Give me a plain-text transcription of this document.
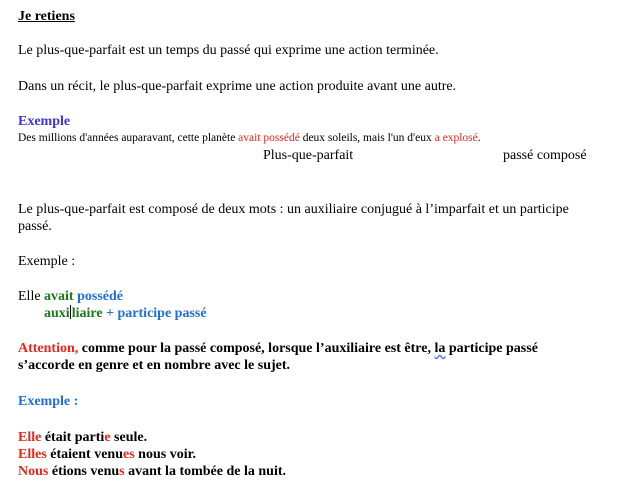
Je retiens
Le plus-que-parfait est un temps du passé qui exprime une action terminée.
Dans un récit, le plus-que-parfait exprime une action produite avant une autre.
Exemple
Des millions d'années auparavant, cette planète avait possédé deux soleils, mais l'un d'eux a explosé.
Plus-que-parfait	passé composé
Le plus-que-parfait est composé de deux mots : un auxiliaire conjugué à l’imparfait et un participe
passé.
Exemple :
Elle avait possédé
auxi liaire + participe passé
Attention, comme pour la passé composé, lorsque l’auxiliaire est être, la participe passé
s’accorde en genre et en nombre avec le sujet.
Exemple :
Elle était partie seule.
Elles étaient venues nous voir.
Nous étions venus avant la tombée de la nuit.
